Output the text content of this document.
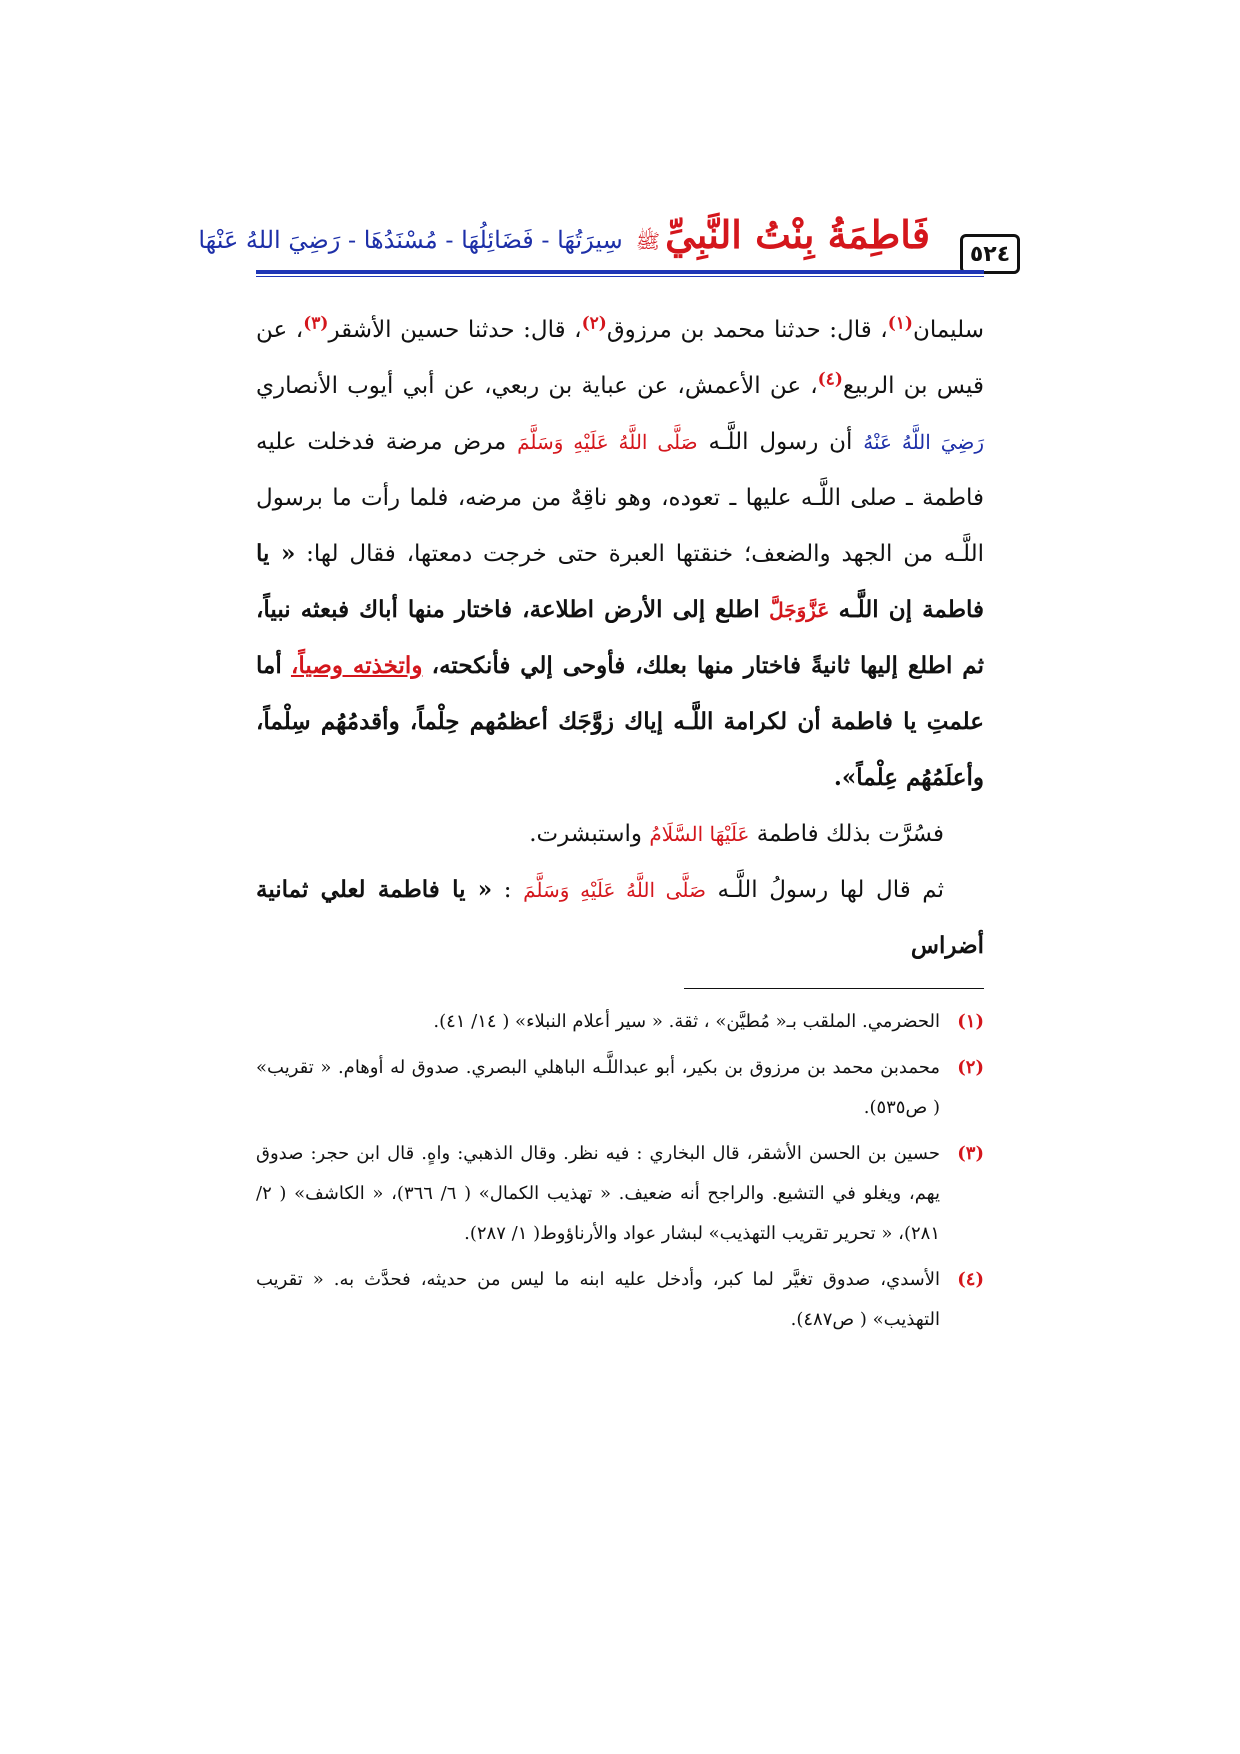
٥٢٤
فَاطِمَةُ بِنْتُ النَّبِيِّ ﷺ سِيرَتُهَا - فَضَائِلُهَا - مُسْنَدُهَا - رَضِيَ اللهُ عَنْهَا

سليمان$^{(١)}$، قال: حدثنا محمد بن مرزوق$^{(٢)}$، قال: حدثنا حسين الأشقر$^{(٣)}$، عن قيس بن الربيع$^{(٤)}$، عن الأعمش، عن عباية بن ربعي، عن أبي أيوب الأنصاري رَضِيَ اللَّهُ عَنْهُ أن رسول اللَّـه صَلَّى اللَّهُ عَلَيْهِ وَسَلَّمَ مرض مرضة فدخلت عليه فاطمة ـ صلى اللَّـه عليها ـ تعوده، وهو ناقِهٌ من مرضه، فلما رأت ما برسول اللَّـه من الجهد والضعف؛ خنقتها العبرة حتى خرجت دمعتها، فقال لها: « يا فاطمة إن اللَّـه عَزَّوَجَلَّ اطلع إلى الأرض اطلاعة، فاختار منها أباك فبعثه نبياً، ثم اطلع إليها ثانيةً فاختار منها بعلك، فأوحى إلي فأنكحته، واتخذته وصياً، أما علمتِ يا فاطمة أن لكرامة اللَّـه إياك زوَّجَك أعظمُهم حِلْماً، وأقدمُهُم سِلْماً، وأعلَمُهُم عِلْماً».

فسُرَّت بذلك فاطمة عَلَيْهَا السَّلَامُ واستبشرت.

ثم قال لها رسولُ اللَّـه صَلَّى اللَّهُ عَلَيْهِ وَسَلَّمَ : « يا فاطمة لعلي ثمانية أضراس

(١)
الحضرمي. الملقب بـ« مُطيَّن» ، ثقة. « سير أعلام النبلاء» ( ١٤/ ٤١).
(٢)
محمدبن محمد بن مرزوق بن بكير، أبو عبداللَّـه الباهلي البصري. صدوق له أوهام. « تقريب» ( ص٥٣٥).
(٣)
حسين بن الحسن الأشقر، قال البخاري : فيه نظر. وقال الذهبي: واهٍ. قال ابن حجر: صدوق يهم، ويغلو في التشيع. والراجح أنه ضعيف. « تهذيب الكمال» ( ٦/ ٣٦٦)، « الكاشف» ( ٢/ ٢٨١)، « تحرير تقريب التهذيب» لبشار عواد والأرناؤوط( ١/ ٢٨٧).
(٤)
الأسدي، صدوق تغيَّر لما كبر، وأدخل عليه ابنه ما ليس من حديثه، فحدَّث به. « تقريب التهذيب» ( ص٤٨٧).
